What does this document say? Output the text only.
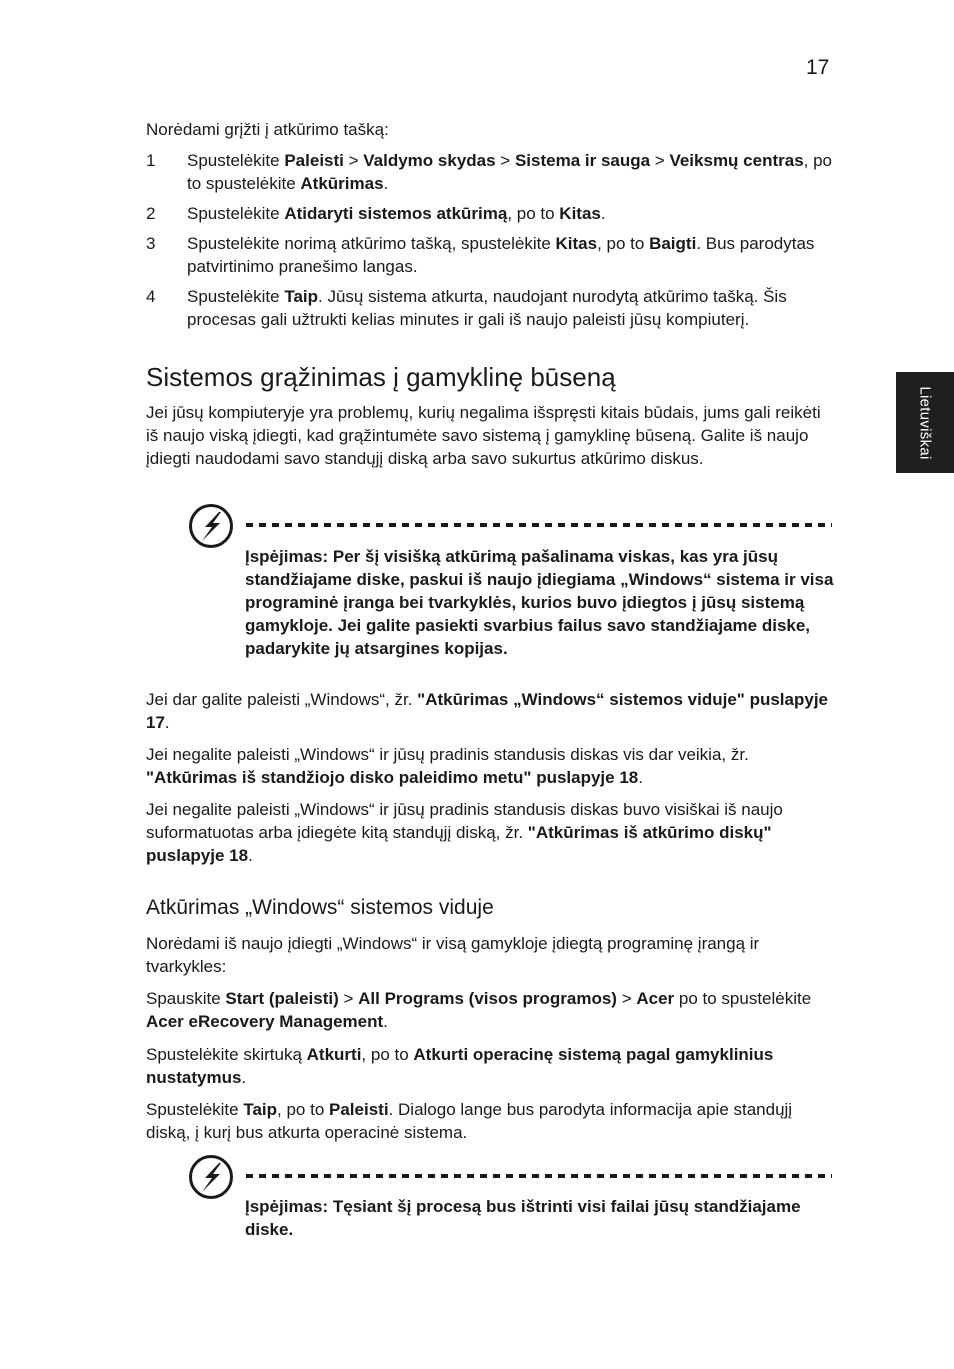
17
Lietuviškai

Norėdami grįžti į atkūrimo tašką:

1	Spustelėkite Paleisti > Valdymo skydas > Sistema ir sauga > Veiksmų centras, po to spustelėkite Atkūrimas.
2	Spustelėkite Atidaryti sistemos atkūrimą, po to Kitas.
3	Spustelėkite norimą atkūrimo tašką, spustelėkite Kitas, po to Baigti. Bus parodytas patvirtinimo pranešimo langas.
4	Spustelėkite Taip. Jūsų sistema atkurta, naudojant nurodytą atkūrimo tašką. Šis procesas gali užtrukti kelias minutes ir gali iš naujo paleisti jūsų kompiuterį.
Sistemos grąžinimas į gamyklinę būseną

Jei jūsų kompiuteryje yra problemų, kurių negalima išspręsti kitais būdais, jums gali reikėti iš naujo viską įdiegti, kad grąžintumėte savo sistemą į gamyklinę būseną. Galite iš naujo įdiegti naudodami savo standųjį diską arba savo sukurtus atkūrimo diskus.

Įspėjimas: Per šį visišką atkūrimą pašalinama viskas, kas yra jūsų standžiajame diske, paskui iš naujo įdiegiama „Windows“ sistema ir visa programinė įranga bei tvarkyklės, kurios buvo įdiegtos į jūsų sistemą gamykloje. Jei galite pasiekti svarbius failus savo standžiajame diske, padarykite jų atsargines kopijas.

Jei dar galite paleisti „Windows“, žr. "Atkūrimas „Windows“ sistemos viduje" puslapyje 17.

Jei negalite paleisti „Windows“ ir jūsų pradinis standusis diskas vis dar veikia, žr. "Atkūrimas iš standžiojo disko paleidimo metu" puslapyje 18.

Jei negalite paleisti „Windows“ ir jūsų pradinis standusis diskas buvo visiškai iš naujo suformatuotas arba įdiegėte kitą standųjį diską, žr. "Atkūrimas iš atkūrimo diskų" puslapyje 18.

Atkūrimas „Windows“ sistemos viduje

Norėdami iš naujo įdiegti „Windows“ ir visą gamykloje įdiegtą programinę įrangą ir tvarkykles:

Spauskite Start (paleisti) > All Programs (visos programos) > Acer po to spustelėkite Acer eRecovery Management.

Spustelėkite skirtuką Atkurti, po to Atkurti operacinę sistemą pagal gamyklinius nustatymus.

Spustelėkite Taip, po to Paleisti. Dialogo lange bus parodyta informacija apie standųjį diską, į kurį bus atkurta operacinė sistema.

Įspėjimas: Tęsiant šį procesą bus ištrinti visi failai jūsų standžiajame diske.
